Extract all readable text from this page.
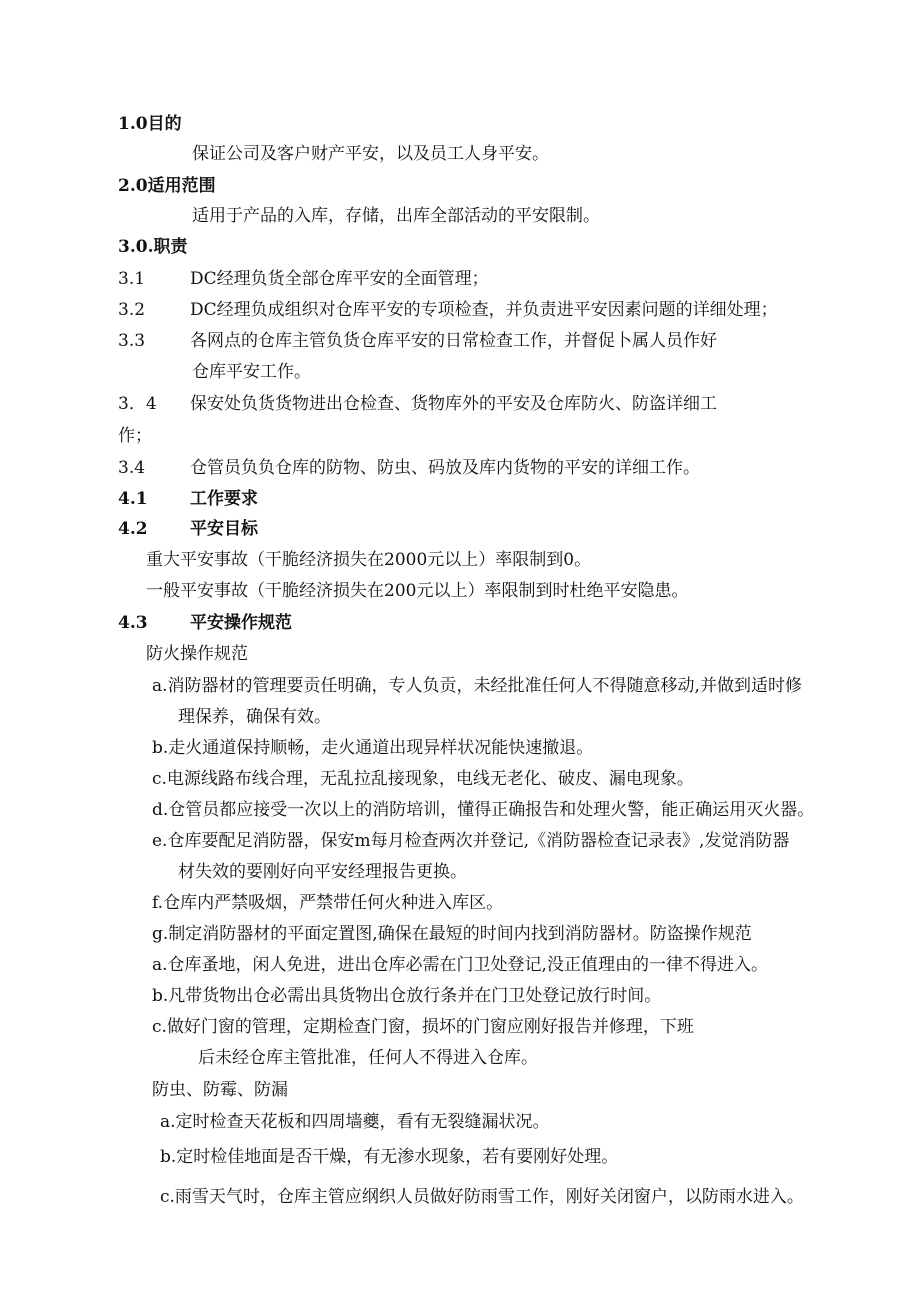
1.0目的
保证公司及客户财产平安，以及员工人身平安。
2.0适用范围
适用于产品的入库，存储，出库全部活动的平安限制。
3.0.职责
3.1	DC经理负货全部仓库平安的全面管理；
3.2	DC经理负成组织对仓库平安的专项检查，并负责进平安因素问题的详细处理；
3.3	各网点的仓库主管负货仓库平安的日常检查工作，并督促卜属人员作好
仓库平安工作。
3．4 保安处负货货物进出仓检查、货物库外的平安及仓库防火、防盗详细工
作；
3.4	仓管员负负仓库的防物、防虫、码放及库内货物的平安的详细工作。
4.1 工作要求
4.2 平安目标
重大平安事故（干脆经济损失在2000元以上）率限制到0。
一般平安事故（干脆经济损失在200元以上）率限制到时杜绝平安隐患。
4.3 平安操作规范
防火操作规范
a.消防器材的管理要贡任明确，专人负贡，未经批准任何人不得随意移动,并做到适时修
理保养，确保有效。
b.走火通道保持顺畅，走火通道出现异样状况能快速撤退。
c.电源线路布线合理，无乱拉乱接现象，电线无老化、破皮、漏电现象。
d.仓管员都应接受一次以上的消防培训，懂得正确报告和处理火警，能正确运用灭火器。
e.仓库要配足消防器，保安m每月检查两次并登记,《消防器检查记录表》,发觉消防器
材失效的要刚好向平安经理报告更换。
f.仓库内严禁吸烟，严禁带任何火种进入库区。
g.制定消防器材的平面定置图,确保在最短的时间内找到消防器材。防盗操作规范
a.仓库蚤地，闲人免进，进出仓库必需在门卫处登记,没正值理由的一律不得进入。
b.凡带货物出仓必需出具货物出仓放行条并在门卫处登记放行时间。
c.做好门窗的管理，定期检查门窗，损坏的门窗应刚好报告并修理，下班
后未经仓库主管批准，任何人不得进入仓库。
防虫、防霉、防漏
a.定时检查天花板和四周墙夔，看有无裂缝漏状况。
b.定时检佳地面是否干燥，有无渗水现象，若有要刚好处理。
c.雨雪天气时，仓库主管应纲织人员做好防雨雪工作，刚好关闭窗户，以防雨水进入。
